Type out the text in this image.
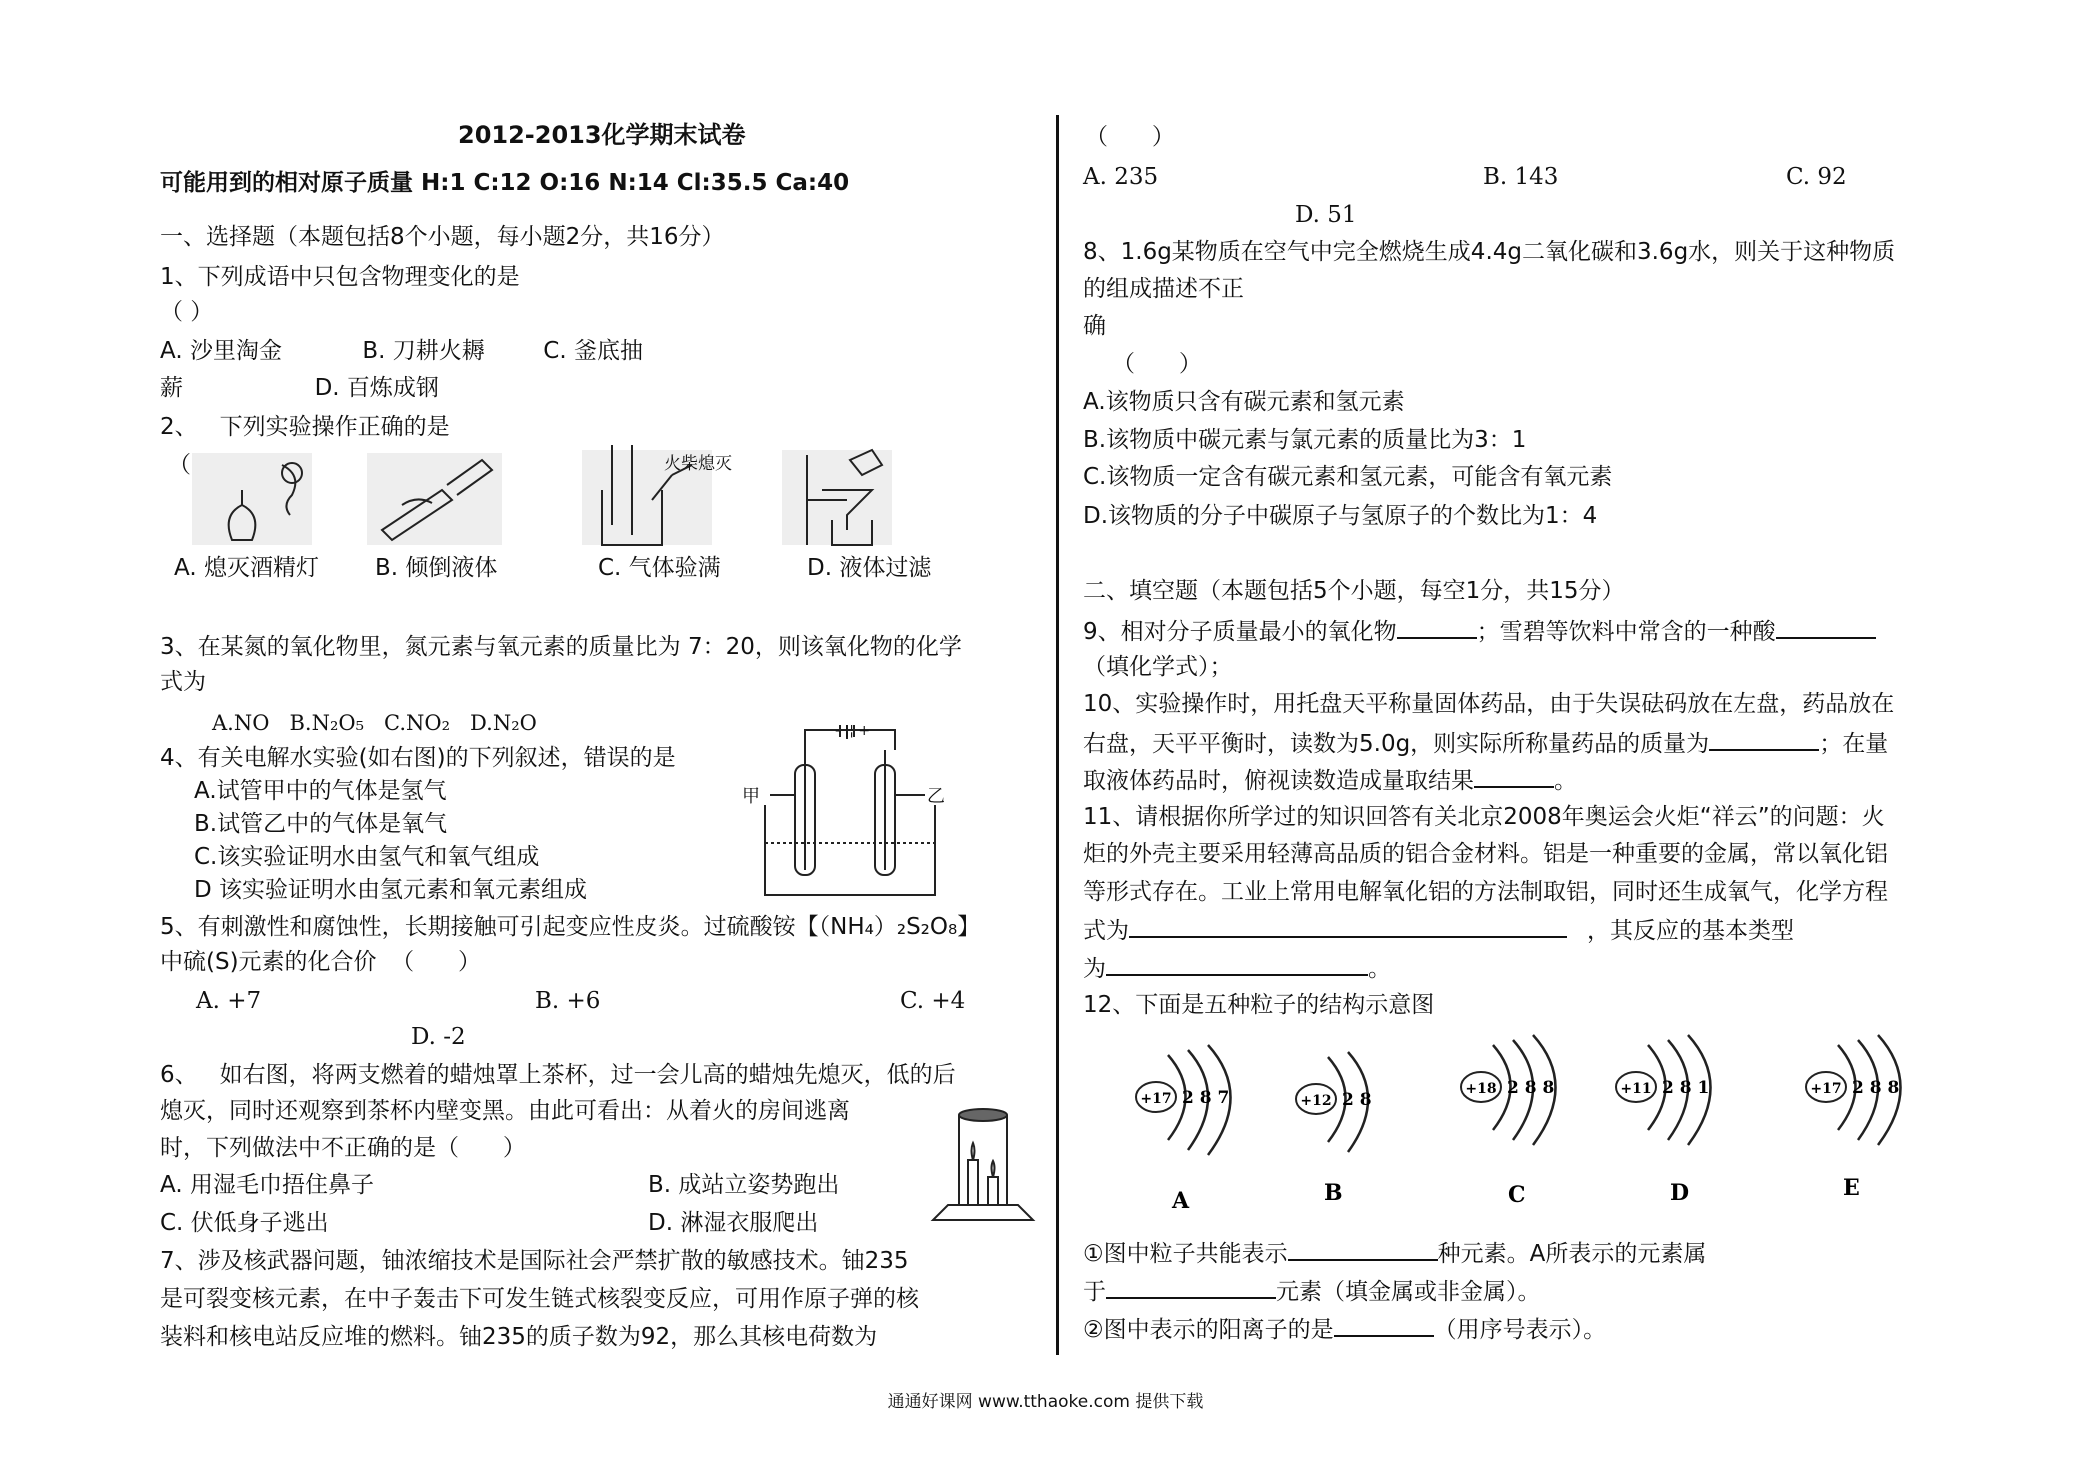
2012-2013化学期末试卷
可能用到的相对原子质量 H:1 C:12 O:16 N:14 Cl:35.5 Ca:40
一、选择题（本题包括8个小题，每小题2分，共16分）
1、下列成语中只包含物理变化的是
（ ）
A. 沙里淘金           B. 刀耕火耨        C. 釜底抽
薪                  D. 百炼成钢
2、   下列实验操作正确的是
（	火柴熄灭
A. 熄灭酒精灯 B. 倾倒液体	C. 气体验满	D. 液体过滤
3、在某氮的氧化物里，氮元素与氧元素的质量比为 7：20，则该氧化物的化学
式为
A.NO   B.N₂O₅   C.NO₂   D.N₂O
4、有关电解水实验(如右图)的下列叙述，错误的是
A.试管甲中的气体是氢气
B.试管乙中的气体是氧气
C.该实验证明水由氢气和氧气组成
D 该实验证明水由氢元素和氧元素组成
- ¦¦ +
甲	乙
5、有刺激性和腐蚀性，长期接触可引起变应性皮炎。过硫酸铵【（NH₄）₂S₂O₈】
中硫(S)元素的化合价  （      ）
A. +7	B. +6	C. +4
D. -2
6、   如右图，将两支燃着的蜡烛罩上茶杯，过一会儿高的蜡烛先熄灭，低的后
熄灭，同时还观察到茶杯内壁变黑。由此可看出：从着火的房间逃离
时，下列做法中不正确的是（      ）
A. 用湿毛巾捂住鼻子	B. 成站立姿势跑出
C. 伏低身子逃出	D. 淋湿衣服爬出
7、涉及核武器问题，铀浓缩技术是国际社会严禁扩散的敏感技术。铀235
是可裂变核元素，在中子轰击下可发生链式核裂变反应，可用作原子弹的核
装料和核电站反应堆的燃料。铀235的质子数为92，那么其核电荷数为
（      ）
A. 235	B. 143	C. 92
D. 51
8、1.6g某物质在空气中完全燃烧生成4.4g二氧化碳和3.6g水，则关于这种物质
的组成描述不正
确
（      ）
A.该物质只含有碳元素和氢元素
B.该物质中碳元素与氯元素的质量比为3：1
C.该物质一定含有碳元素和氢元素，可能含有氧元素
D.该物质的分子中碳原子与氢原子的个数比为1：4
二、填空题（本题包括5个小题，每空1分，共15分）
9、相对分子质量最小的氧化物	；雪碧等饮料中常含的一种酸
（填化学式）；
10、实验操作时，用托盘天平称量固体药品，由于失误砝码放在左盘，药品放在
右盘，天平平衡时，读数为5.0g，则实际所称量药品的质量为	；在量
取液体药品时，俯视读数造成量取结果	。
11、请根据你所学过的知识回答有关北京2008年奥运会火炬“祥云”的问题：火
炬的外壳主要采用轻薄高品质的铝合金材料。铝是一种重要的金属，常以氧化铝
等形式存在。工业上常用电解氧化铝的方法制取铝，同时还生成氧气，化学方程
式为	，其反应的基本类型
为	。
12、下面是五种粒子的结构示意图
+17 2 8 7	+12 2 8
+18 2 8 8	+11 2 8 1	+17 2 8 8
A	B	C	D	E
①图中粒子共能表示	种元素。A所表示的元素属
于	元素（填金属或非金属）。
②图中表示的阳离子的是	（用序号表示）。
通通好课网 www.tthaoke.com 提供下载
